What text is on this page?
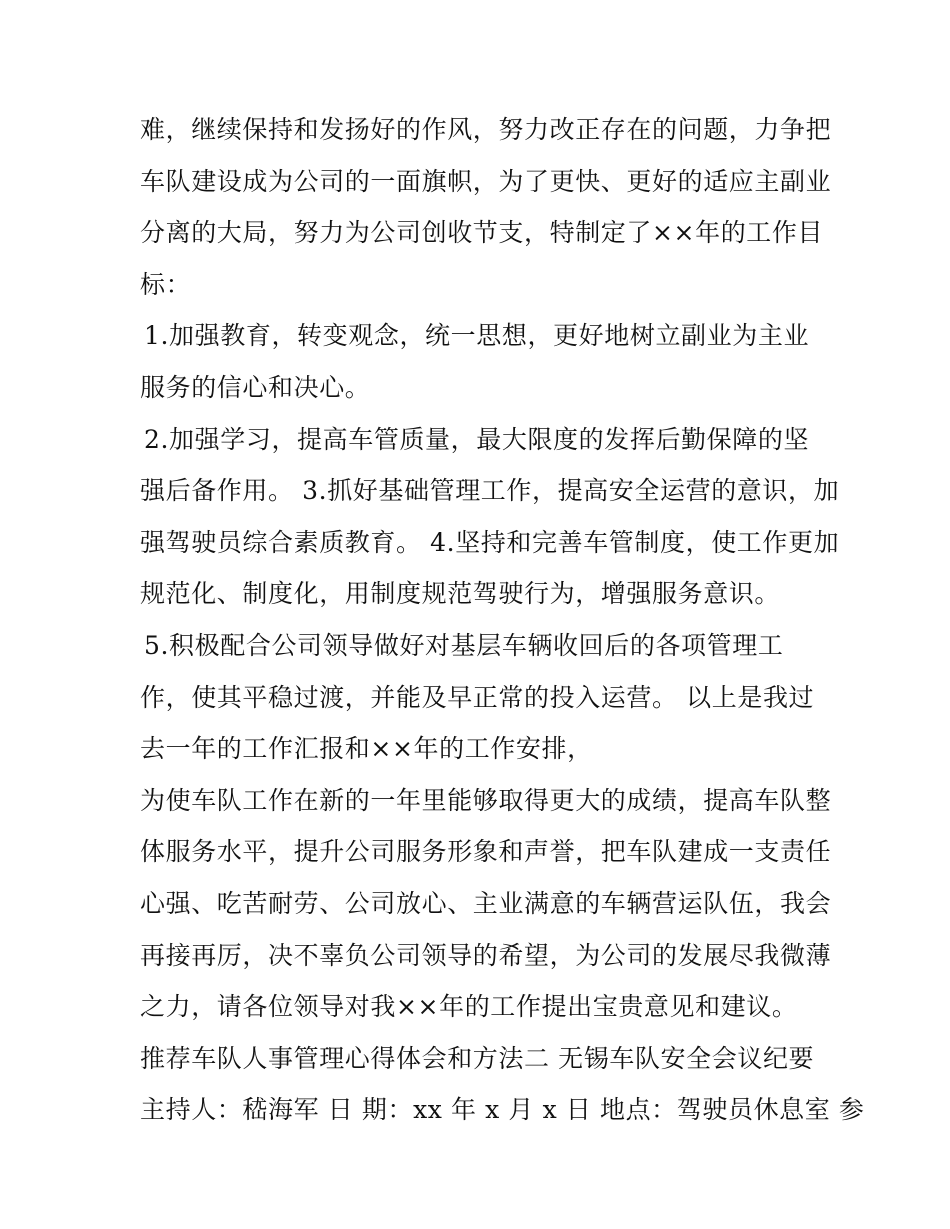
难，继续保持和发扬好的作风，努力改正存在的问题，力争把
车队建设成为公司的一面旗帜，为了更快、更好的适应主副业
分离的大局，努力为公司创收节支，特制定了××年的工作目
标：
1.加强教育，转变观念，统一思想，更好地树立副业为主业
服务的信心和决心。
2.加强学习，提高车管质量，最大限度的发挥后勤保障的坚
强后备作用。 3.抓好基础管理工作，提高安全运营的意识，加
强驾驶员综合素质教育。 4.坚持和完善车管制度，使工作更加
规范化、制度化，用制度规范驾驶行为，增强服务意识。
5.积极配合公司领导做好对基层车辆收回后的各项管理工
作，使其平稳过渡，并能及早正常的投入运营。 以上是我过
去一年的工作汇报和××年的工作安排，
为使车队工作在新的一年里能够取得更大的成绩，提高车队整
体服务水平，提升公司服务形象和声誉，把车队建成一支责任
心强、吃苦耐劳、公司放心、主业满意的车辆营运队伍，我会
再接再厉，决不辜负公司领导的希望，为公司的发展尽我微薄
之力，请各位领导对我××年的工作提出宝贵意见和建议。
推荐车队人事管理心得体会和方法二 无锡车队安全会议纪要
主持人：嵇海军 日 期：xx 年 x 月 x 日 地点：驾驶员休息室 参
